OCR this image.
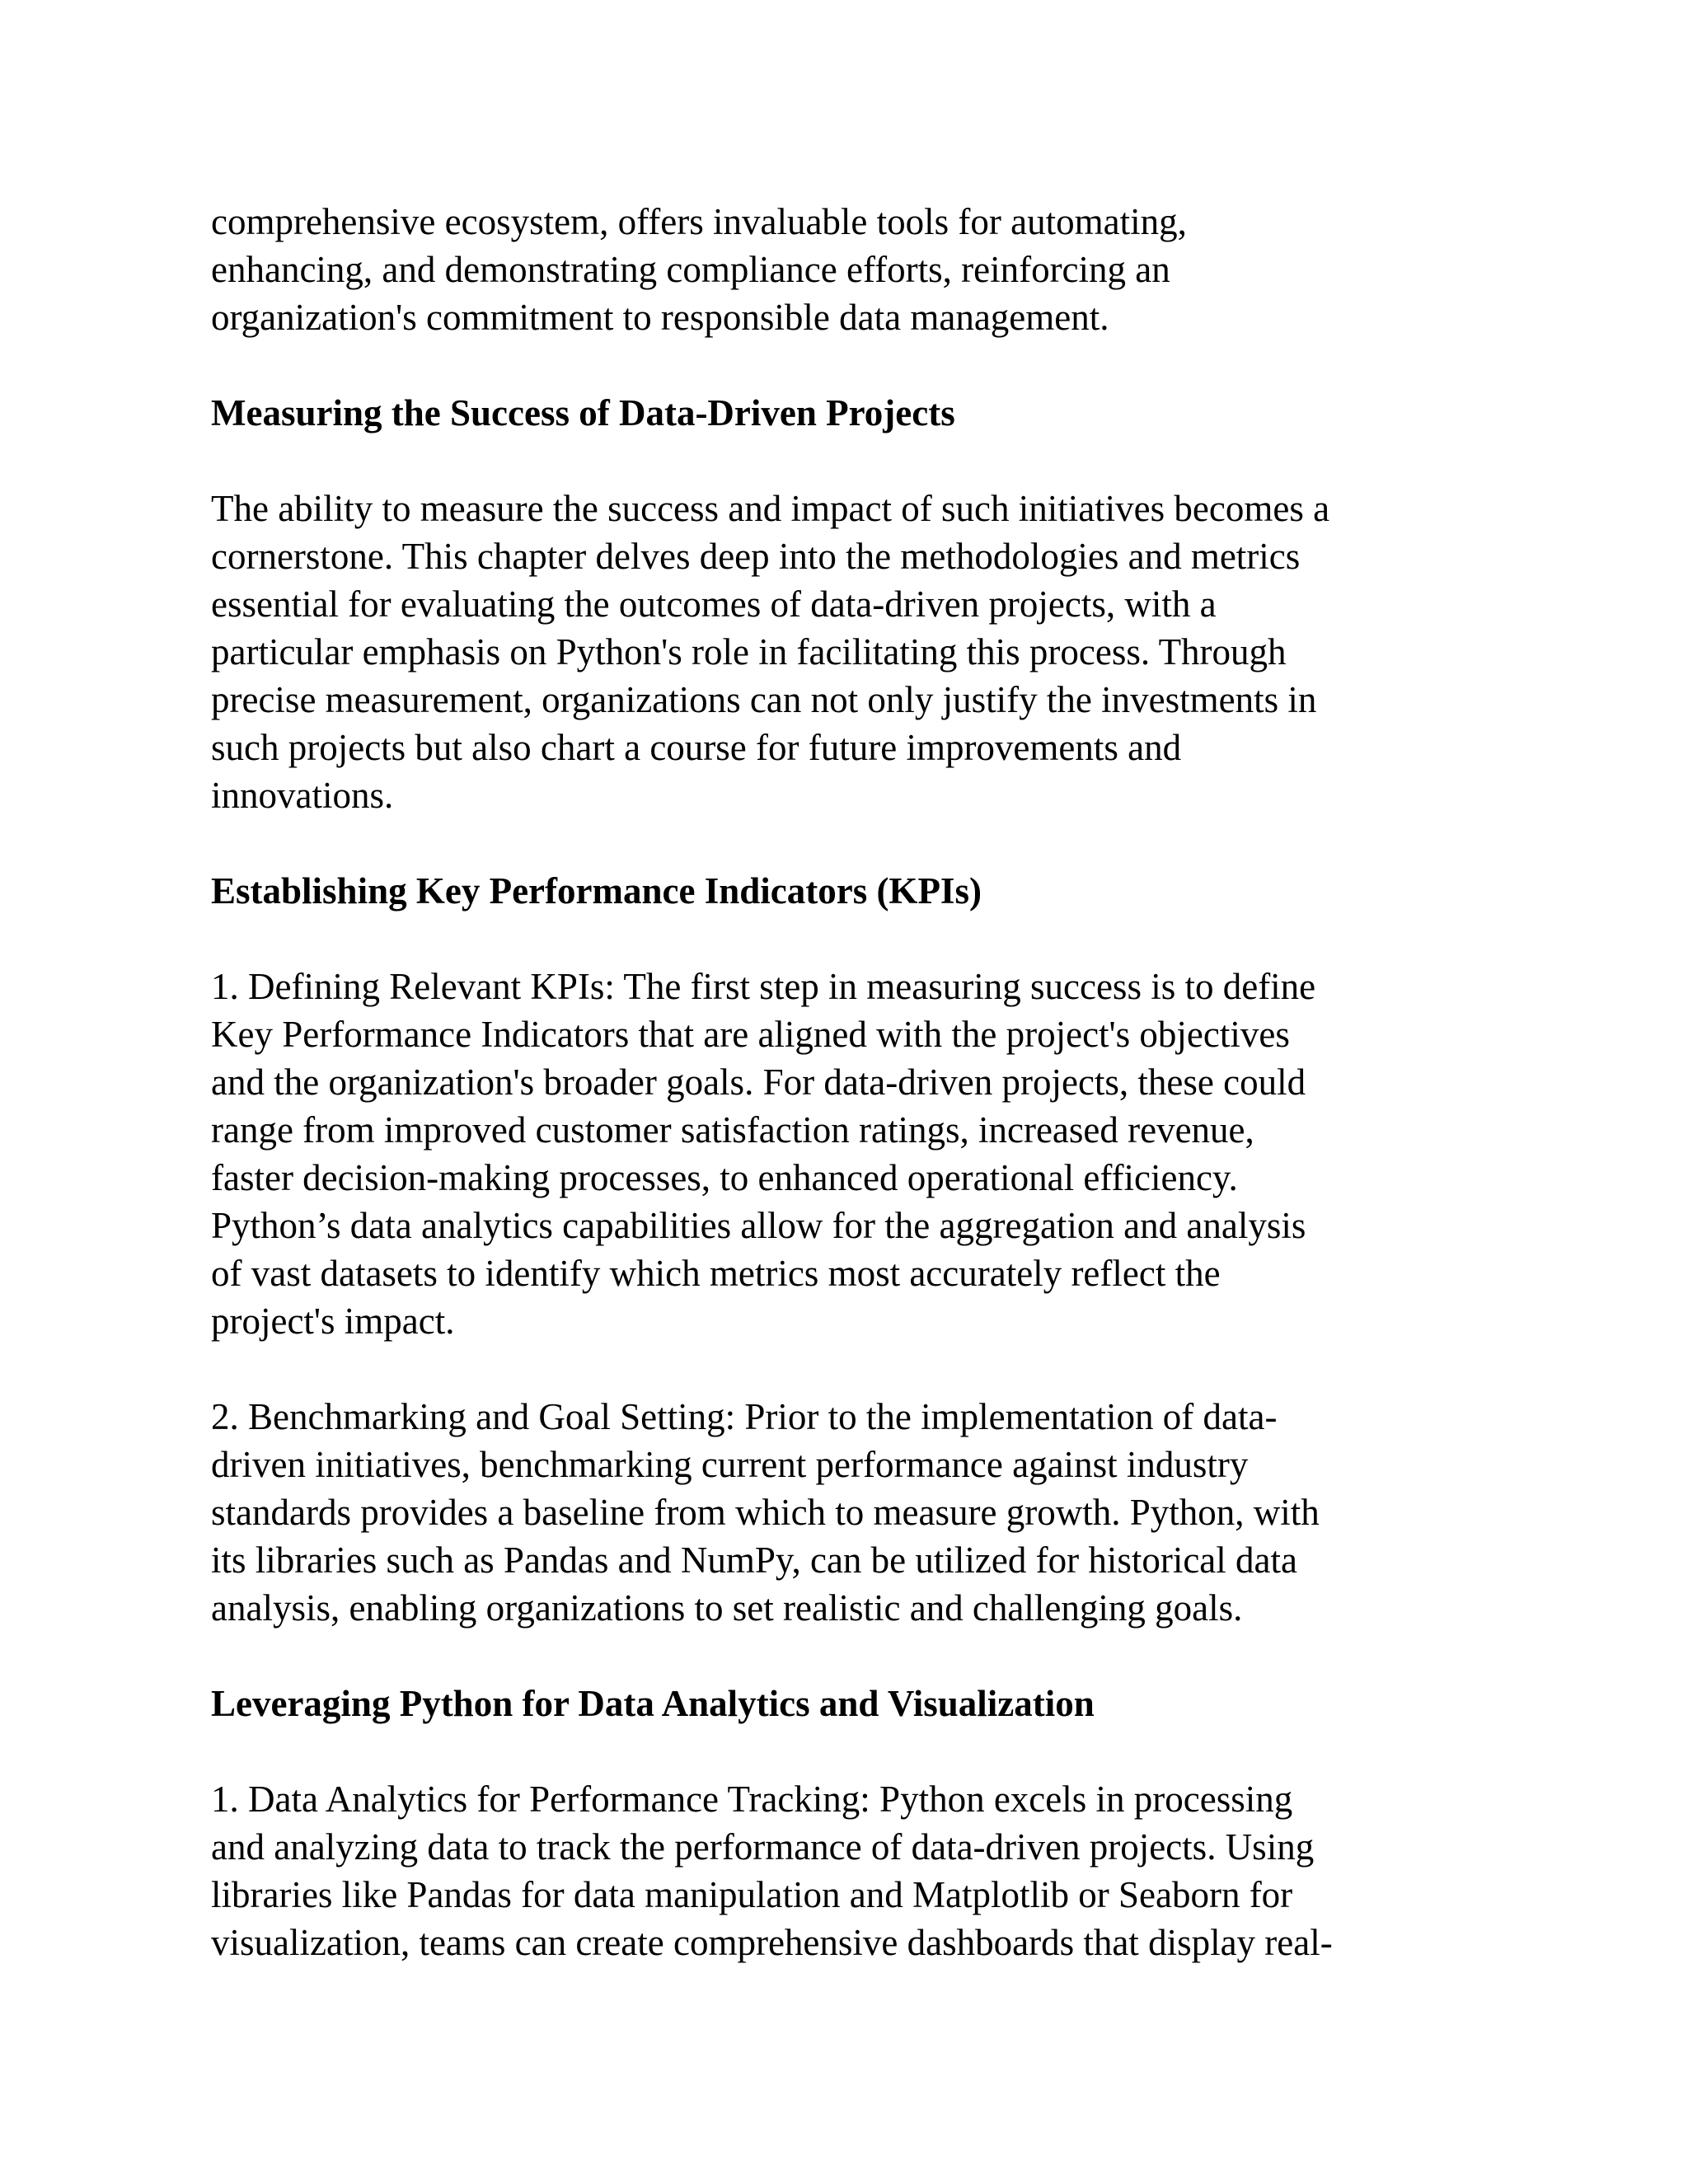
comprehensive ecosystem, offers invaluable tools for automating,
enhancing, and demonstrating compliance efforts, reinforcing an
organization's commitment to responsible data management.

Measuring the Success of Data-Driven Projects

The ability to measure the success and impact of such initiatives becomes a
cornerstone. This chapter delves deep into the methodologies and metrics
essential for evaluating the outcomes of data-driven projects, with a
particular emphasis on Python's role in facilitating this process. Through
precise measurement, organizations can not only justify the investments in
such projects but also chart a course for future improvements and
innovations.

Establishing Key Performance Indicators (KPIs)

1. Defining Relevant KPIs: The first step in measuring success is to define
Key Performance Indicators that are aligned with the project's objectives
and the organization's broader goals. For data-driven projects, these could
range from improved customer satisfaction ratings, increased revenue,
faster decision-making processes, to enhanced operational efficiency.
Python’s data analytics capabilities allow for the aggregation and analysis
of vast datasets to identify which metrics most accurately reflect the
project's impact.

2. Benchmarking and Goal Setting: Prior to the implementation of data-
driven initiatives, benchmarking current performance against industry
standards provides a baseline from which to measure growth. Python, with
its libraries such as Pandas and NumPy, can be utilized for historical data
analysis, enabling organizations to set realistic and challenging goals.

Leveraging Python for Data Analytics and Visualization

1. Data Analytics for Performance Tracking: Python excels in processing
and analyzing data to track the performance of data-driven projects. Using
libraries like Pandas for data manipulation and Matplotlib or Seaborn for
visualization, teams can create comprehensive dashboards that display real-
